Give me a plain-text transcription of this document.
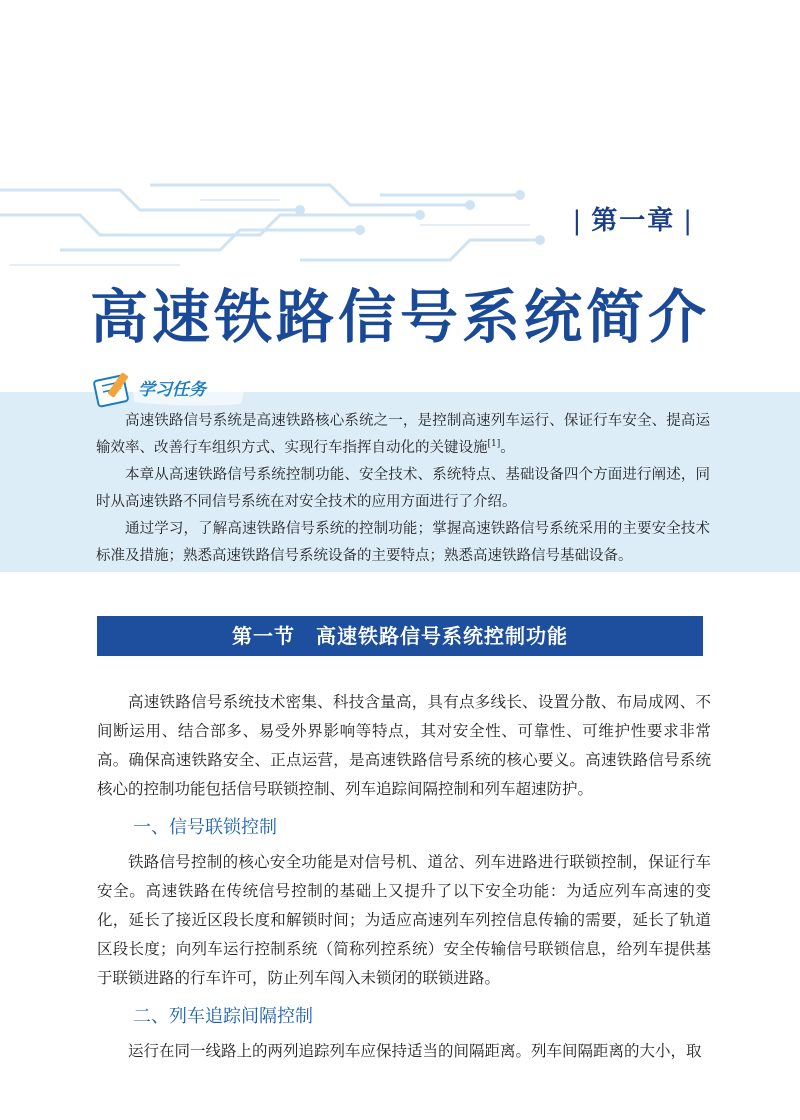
| 第一章 |
高速铁路信号系统简介
学习任务

高速铁路信号系统是高速铁路核心系统之一，是控制高速列车运行、保证行车安全、提高运输效率、改善行车组织方式、实现行车指挥自动化的关键设施[1]。

本章从高速铁路信号系统控制功能、安全技术、系统特点、基础设备四个方面进行阐述，同时从高速铁路不同信号系统在对安全技术的应用方面进行了介绍。

通过学习，了解高速铁路信号系统的控制功能；掌握高速铁路信号系统采用的主要安全技术标准及措施；熟悉高速铁路信号系统设备的主要特点；熟悉高速铁路信号基础设备。

第一节　高速铁路信号系统控制功能

高速铁路信号系统技术密集、科技含量高，具有点多线长、设置分散、布局成网、不间断运用、结合部多、易受外界影响等特点，其对安全性、可靠性、可维护性要求非常高。确保高速铁路安全、正点运营，是高速铁路信号系统的核心要义。高速铁路信号系统核心的控制功能包括信号联锁控制、列车追踪间隔控制和列车超速防护。

一、信号联锁控制

铁路信号控制的核心安全功能是对信号机、道岔、列车进路进行联锁控制，保证行车安全。高速铁路在传统信号控制的基础上又提升了以下安全功能：为适应列车高速的变化，延长了接近区段长度和解锁时间；为适应高速列车列控信息传输的需要，延长了轨道区段长度；向列车运行控制系统（简称列控系统）安全传输信号联锁信息，给列车提供基于联锁进路的行车许可，防止列车闯入未锁闭的联锁进路。

二、列车追踪间隔控制

运行在同一线路上的两列追踪列车应保持适当的间隔距离。列车间隔距离的大小，取
